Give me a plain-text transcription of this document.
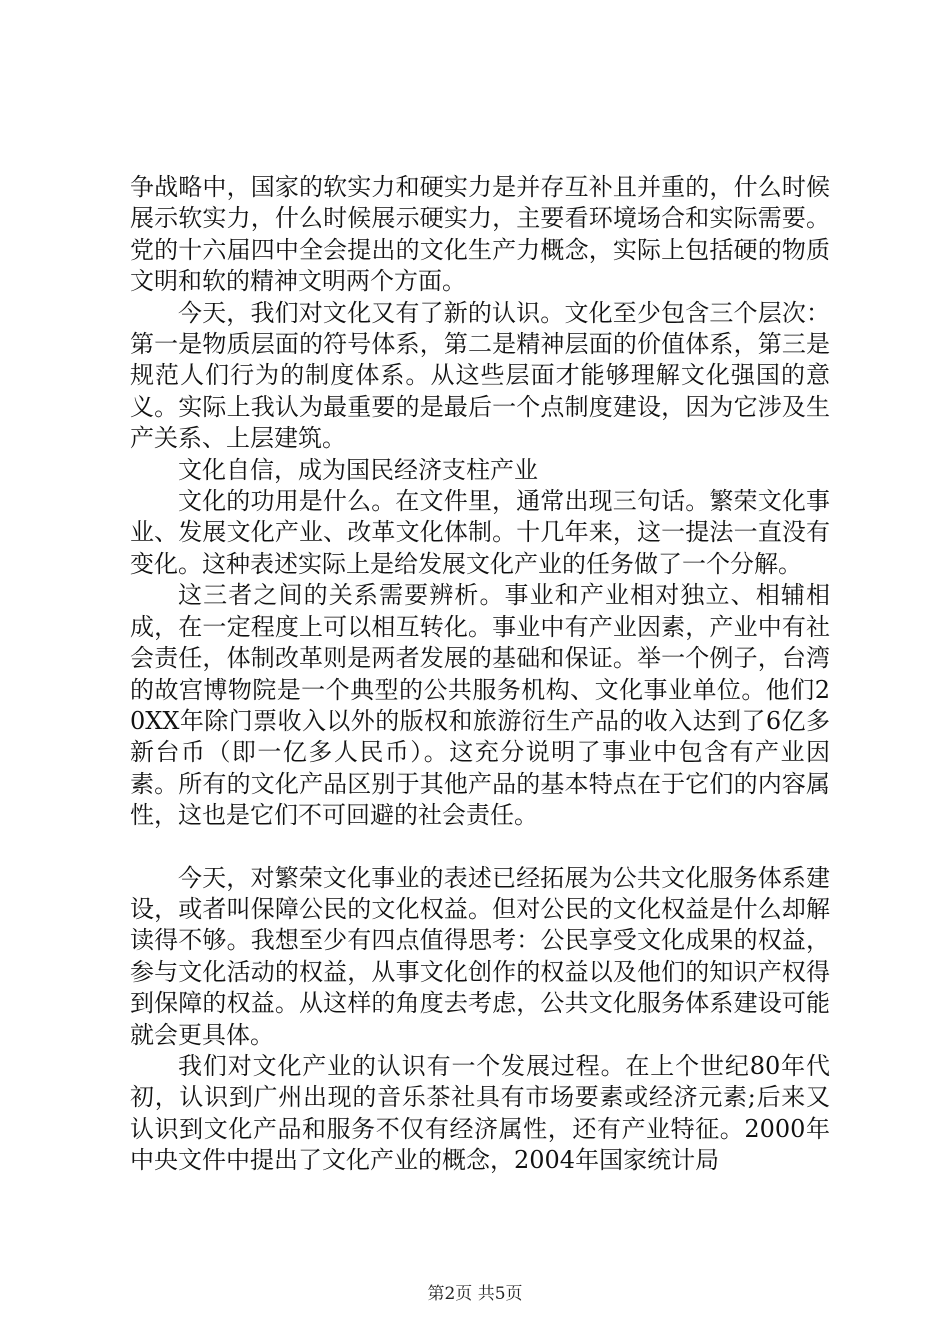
争战略中，国家的软实力和硬实力是并存互补且并重的，什么时候展示软实力，什么时候展示硬实力，主要看环境场合和实际需要。党的十六届四中全会提出的文化生产力概念，实际上包括硬的物质文明和软的精神文明两个方面。

今天，我们对文化又有了新的认识。文化至少包含三个层次：第一是物质层面的符号体系，第二是精神层面的价值体系，第三是规范人们行为的制度体系。从这些层面才能够理解文化强国的意义。实际上我认为最重要的是最后一个点制度建设，因为它涉及生产关系、上层建筑。

文化自信，成为国民经济支柱产业

文化的功用是什么。在文件里，通常出现三句话。繁荣文化事业、发展文化产业、改革文化体制。十几年来，这一提法一直没有变化。这种表述实际上是给发展文化产业的任务做了一个分解。

这三者之间的关系需要辨析。事业和产业相对独立、相辅相成，在一定程度上可以相互转化。事业中有产业因素，产业中有社会责任，体制改革则是两者发展的基础和保证。举一个例子，台湾的故宫博物院是一个典型的公共服务机构、文化事业单位。他们20XX年除门票收入以外的版权和旅游衍生产品的收入达到了6亿多新台币（即一亿多人民币）。这充分说明了事业中包含有产业因素。所有的文化产品区别于其他产品的基本特点在于它们的内容属性，这也是它们不可回避的社会责任。

今天，对繁荣文化事业的表述已经拓展为公共文化服务体系建设，或者叫保障公民的文化权益。但对公民的文化权益是什么却解读得不够。我想至少有四点值得思考：公民享受文化成果的权益，参与文化活动的权益，从事文化创作的权益以及他们的知识产权得到保障的权益。从这样的角度去考虑，公共文化服务体系建设可能就会更具体。

我们对文化产业的认识有一个发展过程。在上个世纪80年代初，认识到广州出现的音乐茶社具有市场要素或经济元素;后来又认识到文化产品和服务不仅有经济属性，还有产业特征。2000年中央文件中提出了文化产业的概念，2004年国家统计局

第2页 共5页
